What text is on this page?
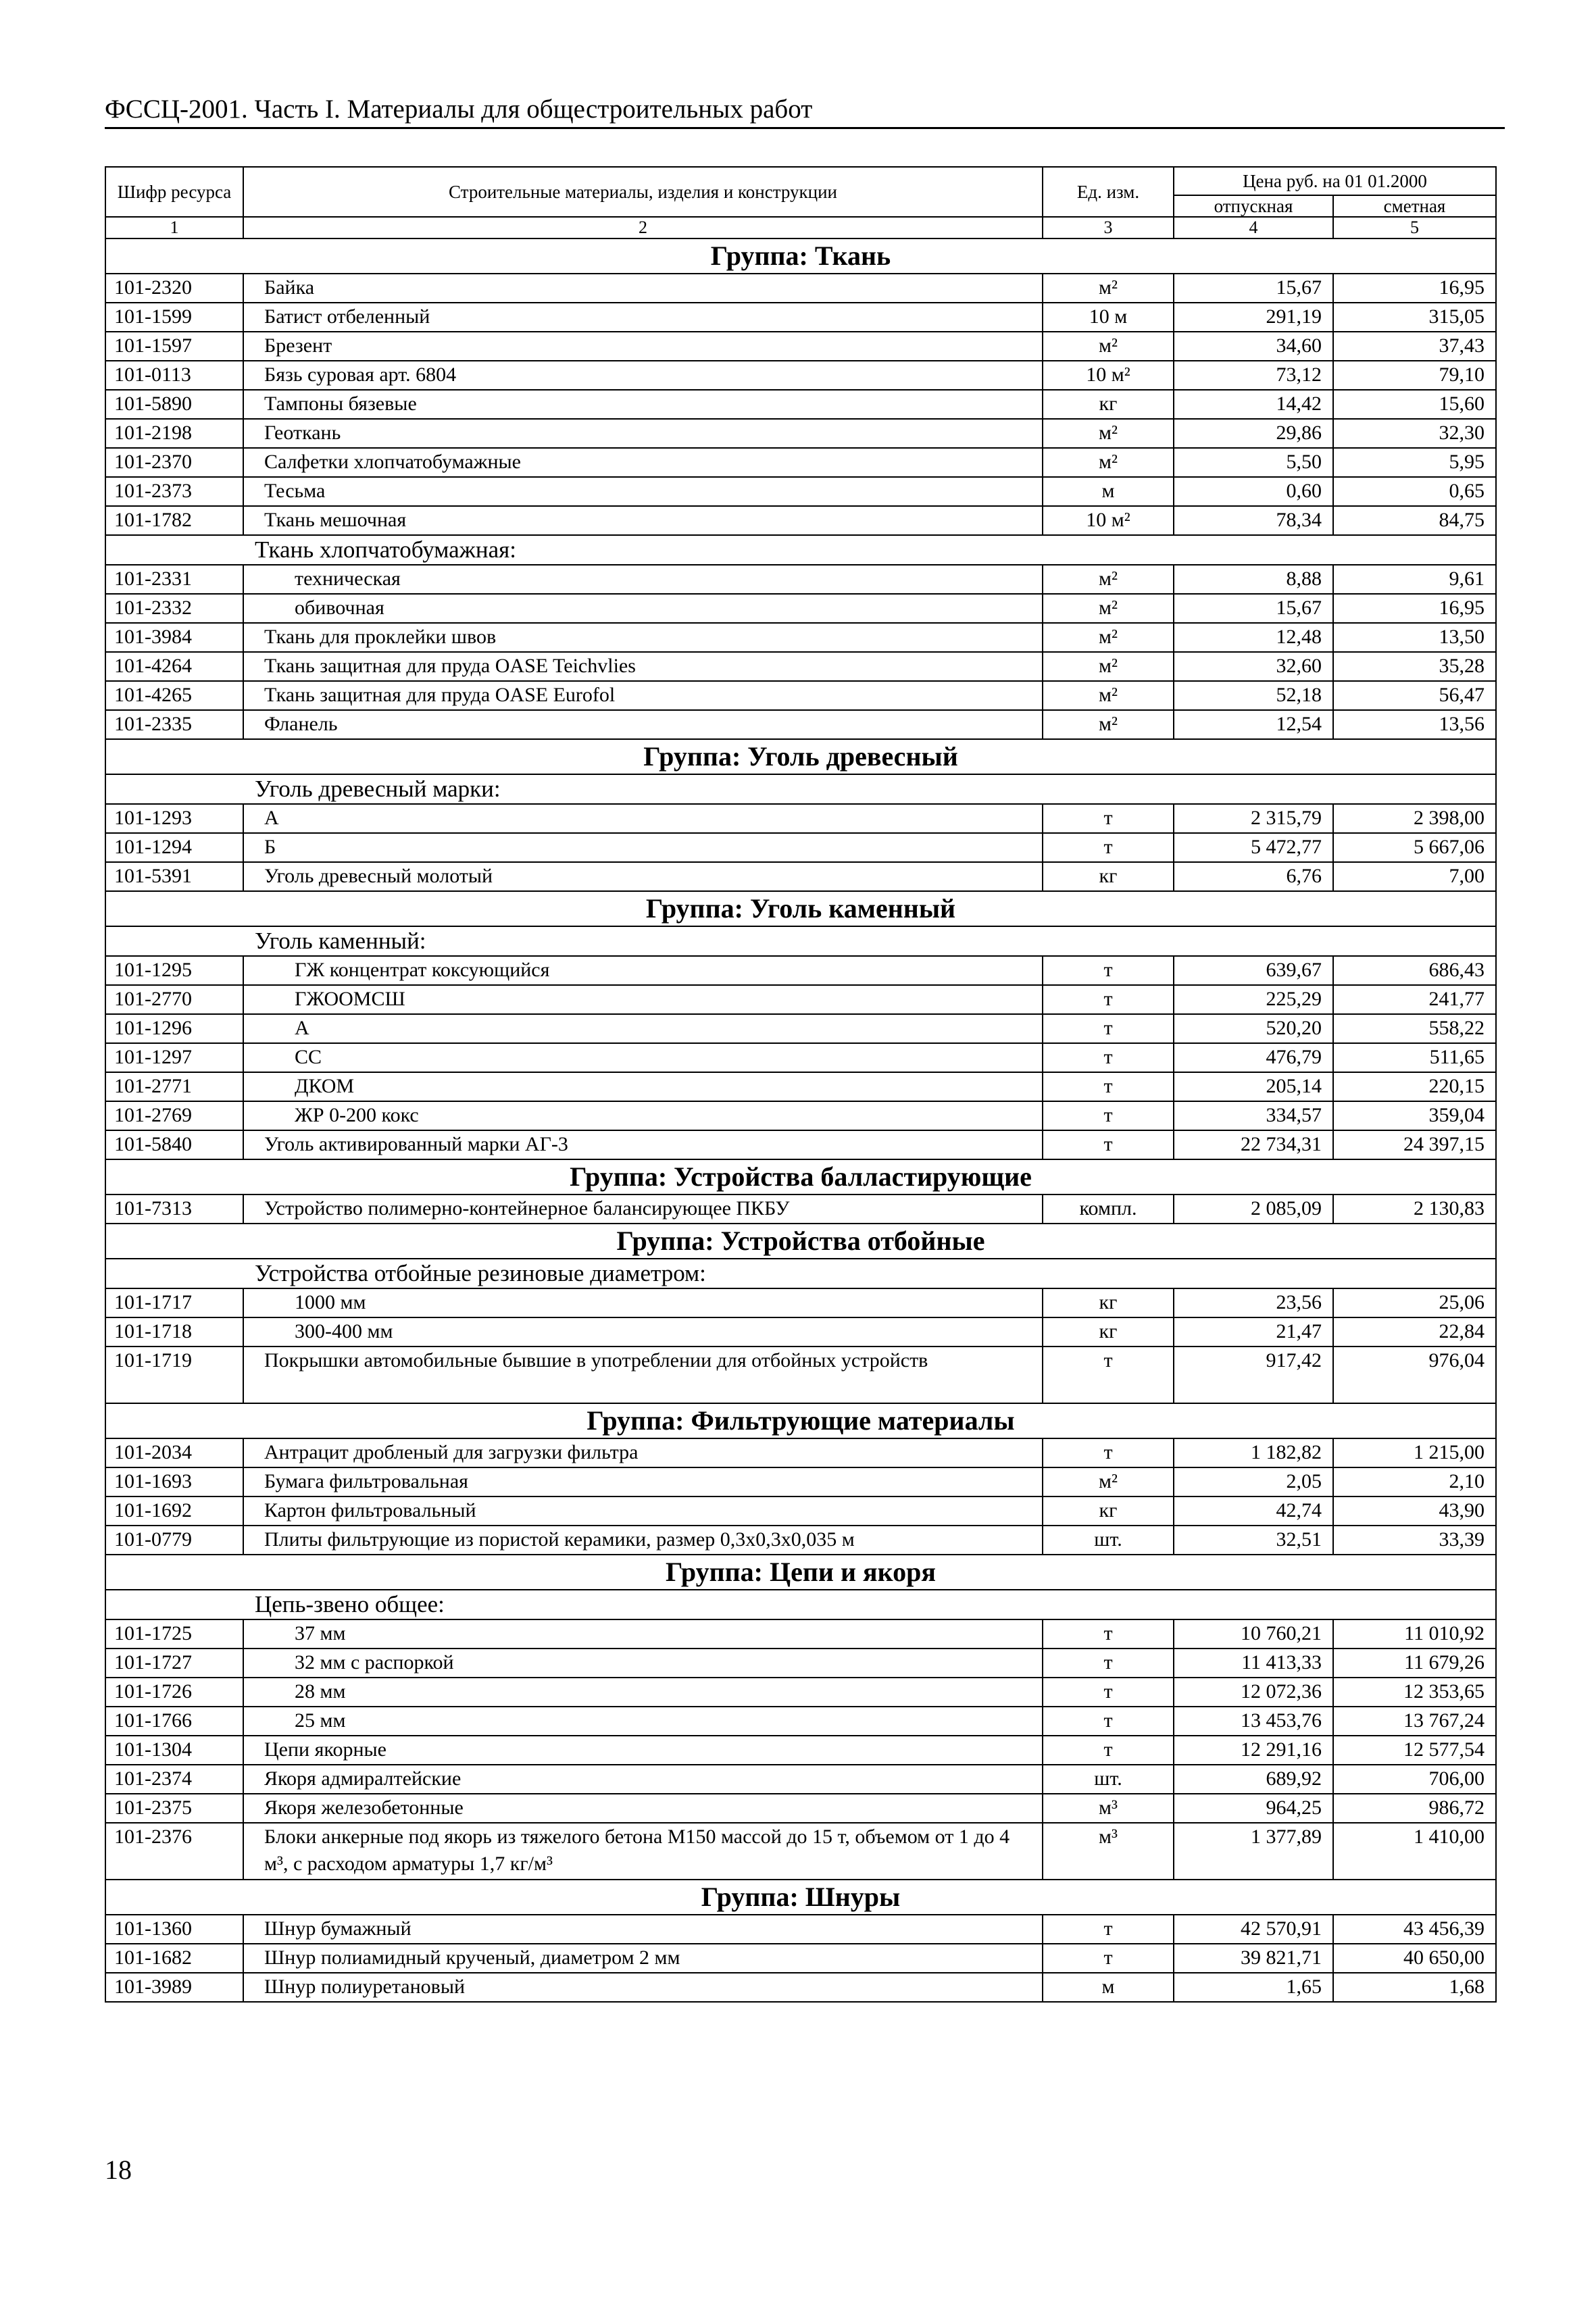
ФССЦ-2001. Часть I. Материалы для общестроительных работ
Шифр ресурса	Строительные материалы, изделия и конструкции	Ед. изм.	Цена руб. на 01 01.2000	
			отпускная	сметная
1	2	3	4	5
Группа: Ткань				
101-2320	Байка	м²	15,67	16,95
101-1599	Батист отбеленный	10 м	291,19	315,05
101-1597	Брезент	м²	34,60	37,43
101-0113	Бязь суровая арт. 6804	10 м²	73,12	79,10
101-5890	Тампоны бязевые	кг	14,42	15,60
101-2198	Геоткань	м²	29,86	32,30
101-2370	Салфетки хлопчатобумажные	м²	5,50	5,95
101-2373	Тесьма	м	0,60	0,65
101-1782	Ткань мешочная	10 м²	78,34	84,75
Ткань хлопчатобумажная:				
101-2331	техническая	м²	8,88	9,61
101-2332	обивочная	м²	15,67	16,95
101-3984	Ткань для проклейки швов	м²	12,48	13,50
101-4264	Ткань защитная для пруда OASE Teichvlies	м²	32,60	35,28
101-4265	Ткань защитная для пруда OASE Eurofol	м²	52,18	56,47
101-2335	Фланель	м²	12,54	13,56
Группа: Уголь древесный				
Уголь древесный марки:				
101-1293	А	т	2 315,79	2 398,00
101-1294	Б	т	5 472,77	5 667,06
101-5391	Уголь древесный молотый	кг	6,76	7,00
Группа: Уголь каменный				
Уголь каменный:				
101-1295	ГЖ концентрат коксующийся	т	639,67	686,43
101-2770	ГЖООМСШ	т	225,29	241,77
101-1296	А	т	520,20	558,22
101-1297	СС	т	476,79	511,65
101-2771	ДКОМ	т	205,14	220,15
101-2769	ЖР 0-200 кокс	т	334,57	359,04
101-5840	Уголь активированный марки АГ-3	т	22 734,31	24 397,15
Группа: Устройства балластирующие				
101-7313	Устройство полимерно-контейнерное балансирующее ПКБУ	компл.	2 085,09	2 130,83
Группа: Устройства отбойные				
Устройства отбойные резиновые диаметром:				
101-1717	1000 мм	кг	23,56	25,06
101-1718	300-400 мм	кг	21,47	22,84
101-1719	Покрышки автомобильные бывшие в употреблении для отбойных устройств	т	917,42	976,04
Группа: Фильтрующие материалы				
101-2034	Антрацит дробленый для загрузки фильтра	т	1 182,82	1 215,00
101-1693	Бумага фильтровальная	м²	2,05	2,10
101-1692	Картон фильтровальный	кг	42,74	43,90
101-0779	Плиты фильтрующие из пористой керамики, размер 0,3х0,3х0,035 м	шт.	32,51	33,39
Группа: Цепи и якоря				
Цепь-звено общее:				
101-1725	37 мм	т	10 760,21	11 010,92
101-1727	32 мм с распоркой	т	11 413,33	11 679,26
101-1726	28 мм	т	12 072,36	12 353,65
101-1766	25 мм	т	13 453,76	13 767,24
101-1304	Цепи якорные	т	12 291,16	12 577,54
101-2374	Якоря адмиралтейские	шт.	689,92	706,00
101-2375	Якоря железобетонные	м³	964,25	986,72
101-2376	Блоки анкерные под якорь из тяжелого бетона М150 массой до 15 т, объемом от 1 до 4 м³, с расходом арматуры 1,7 кг/м³	м³	1 377,89	1 410,00
Группа: Шнуры				
101-1360	Шнур бумажный	т	42 570,91	43 456,39
101-1682	Шнур полиамидный крученый, диаметром 2 мм	т	39 821,71	40 650,00
101-3989	Шнур полиуретановый	м	1,65	1,68
18
